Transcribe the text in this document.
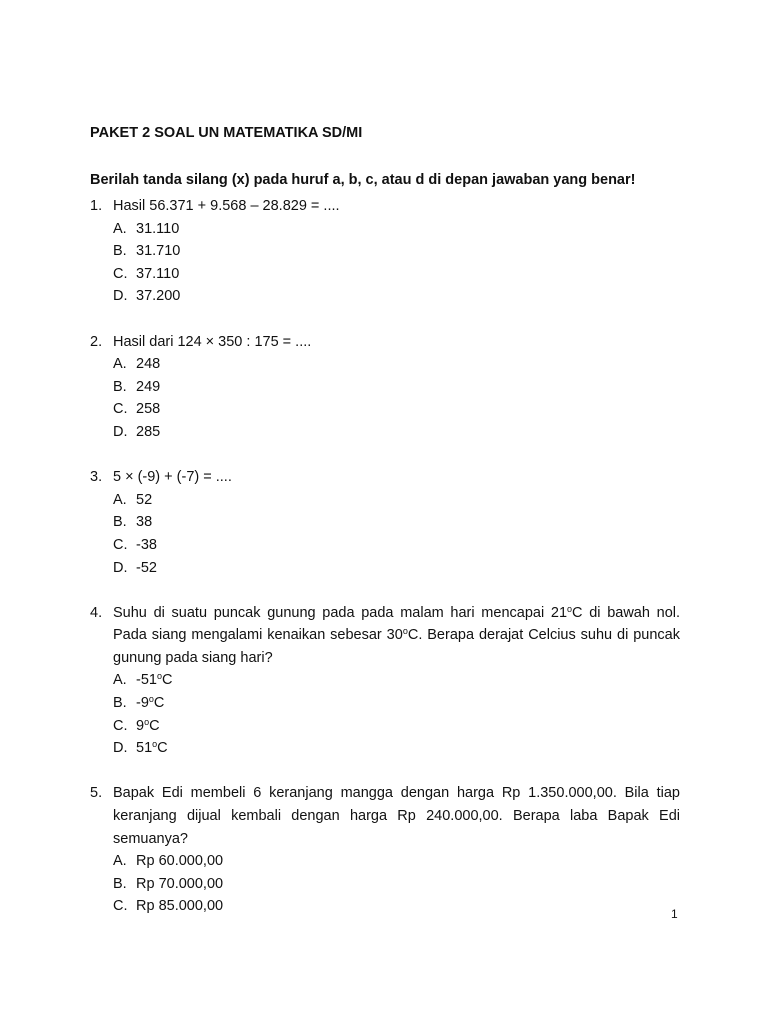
PAKET 2 SOAL UN MATEMATIKA SD/MI

Berilah tanda silang (x) pada huruf a, b, c, atau d di depan jawaban yang benar!

1. Hasil 56.371 + 9.568 – 28.829 = ....

A. 31.110
B. 31.710
C. 37.110
D. 37.200
2. Hasil dari 124 × 350 : 175 = ....

A. 248
B. 249
C. 258
D. 285
3. 5 × (-9) + (-7) = ....

A. 52
B. 38
C. -38
D. -52
4. Suhu di suatu puncak gunung pada pada malam hari mencapai 21$^o$C di bawah nol. Pada siang mengalami kenaikan sebesar 30$^o$C. Berapa derajat Celcius suhu di puncak gunung pada siang hari?

A. -51$^o$C
B. -9$^o$C
C. 9$^o$C
D. 51$^o$C
5. Bapak Edi membeli 6 keranjang mangga dengan harga Rp 1.350.000,00. Bila tiap keranjang dijual kembali dengan harga Rp 240.000,00. Berapa laba Bapak Edi semuanya?

A. Rp 60.000,00
B. Rp 70.000,00
C. Rp 85.000,00	1
